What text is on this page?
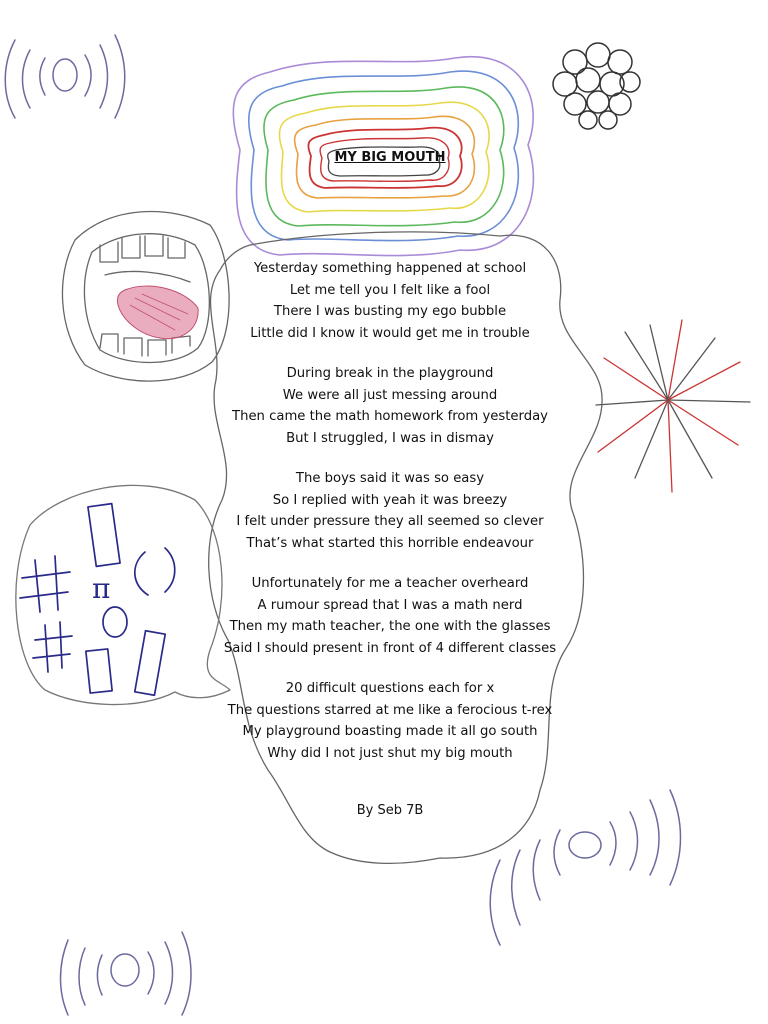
π
MY BIG MOUTH
Yesterday something happened at school
Let me tell you I felt like a fool
There I was busting my ego bubble
Little did I know it would get me in trouble
During break in the playground
We were all just messing around
Then came the math homework from yesterday
But I struggled, I was in dismay
The boys said it was so easy
So I replied with yeah it was breezy
I felt under pressure they all seemed so clever
That’s what started this horrible endeavour
Unfortunately for me a teacher overheard
A rumour spread that I was a math nerd
Then my math teacher, the one with the glasses
Said I should present in front of 4 different classes
20 difficult questions each for x
The questions starred at me like a ferocious t-rex
My playground boasting made it all go south
Why did I not just shut my big mouth
By Seb 7B
